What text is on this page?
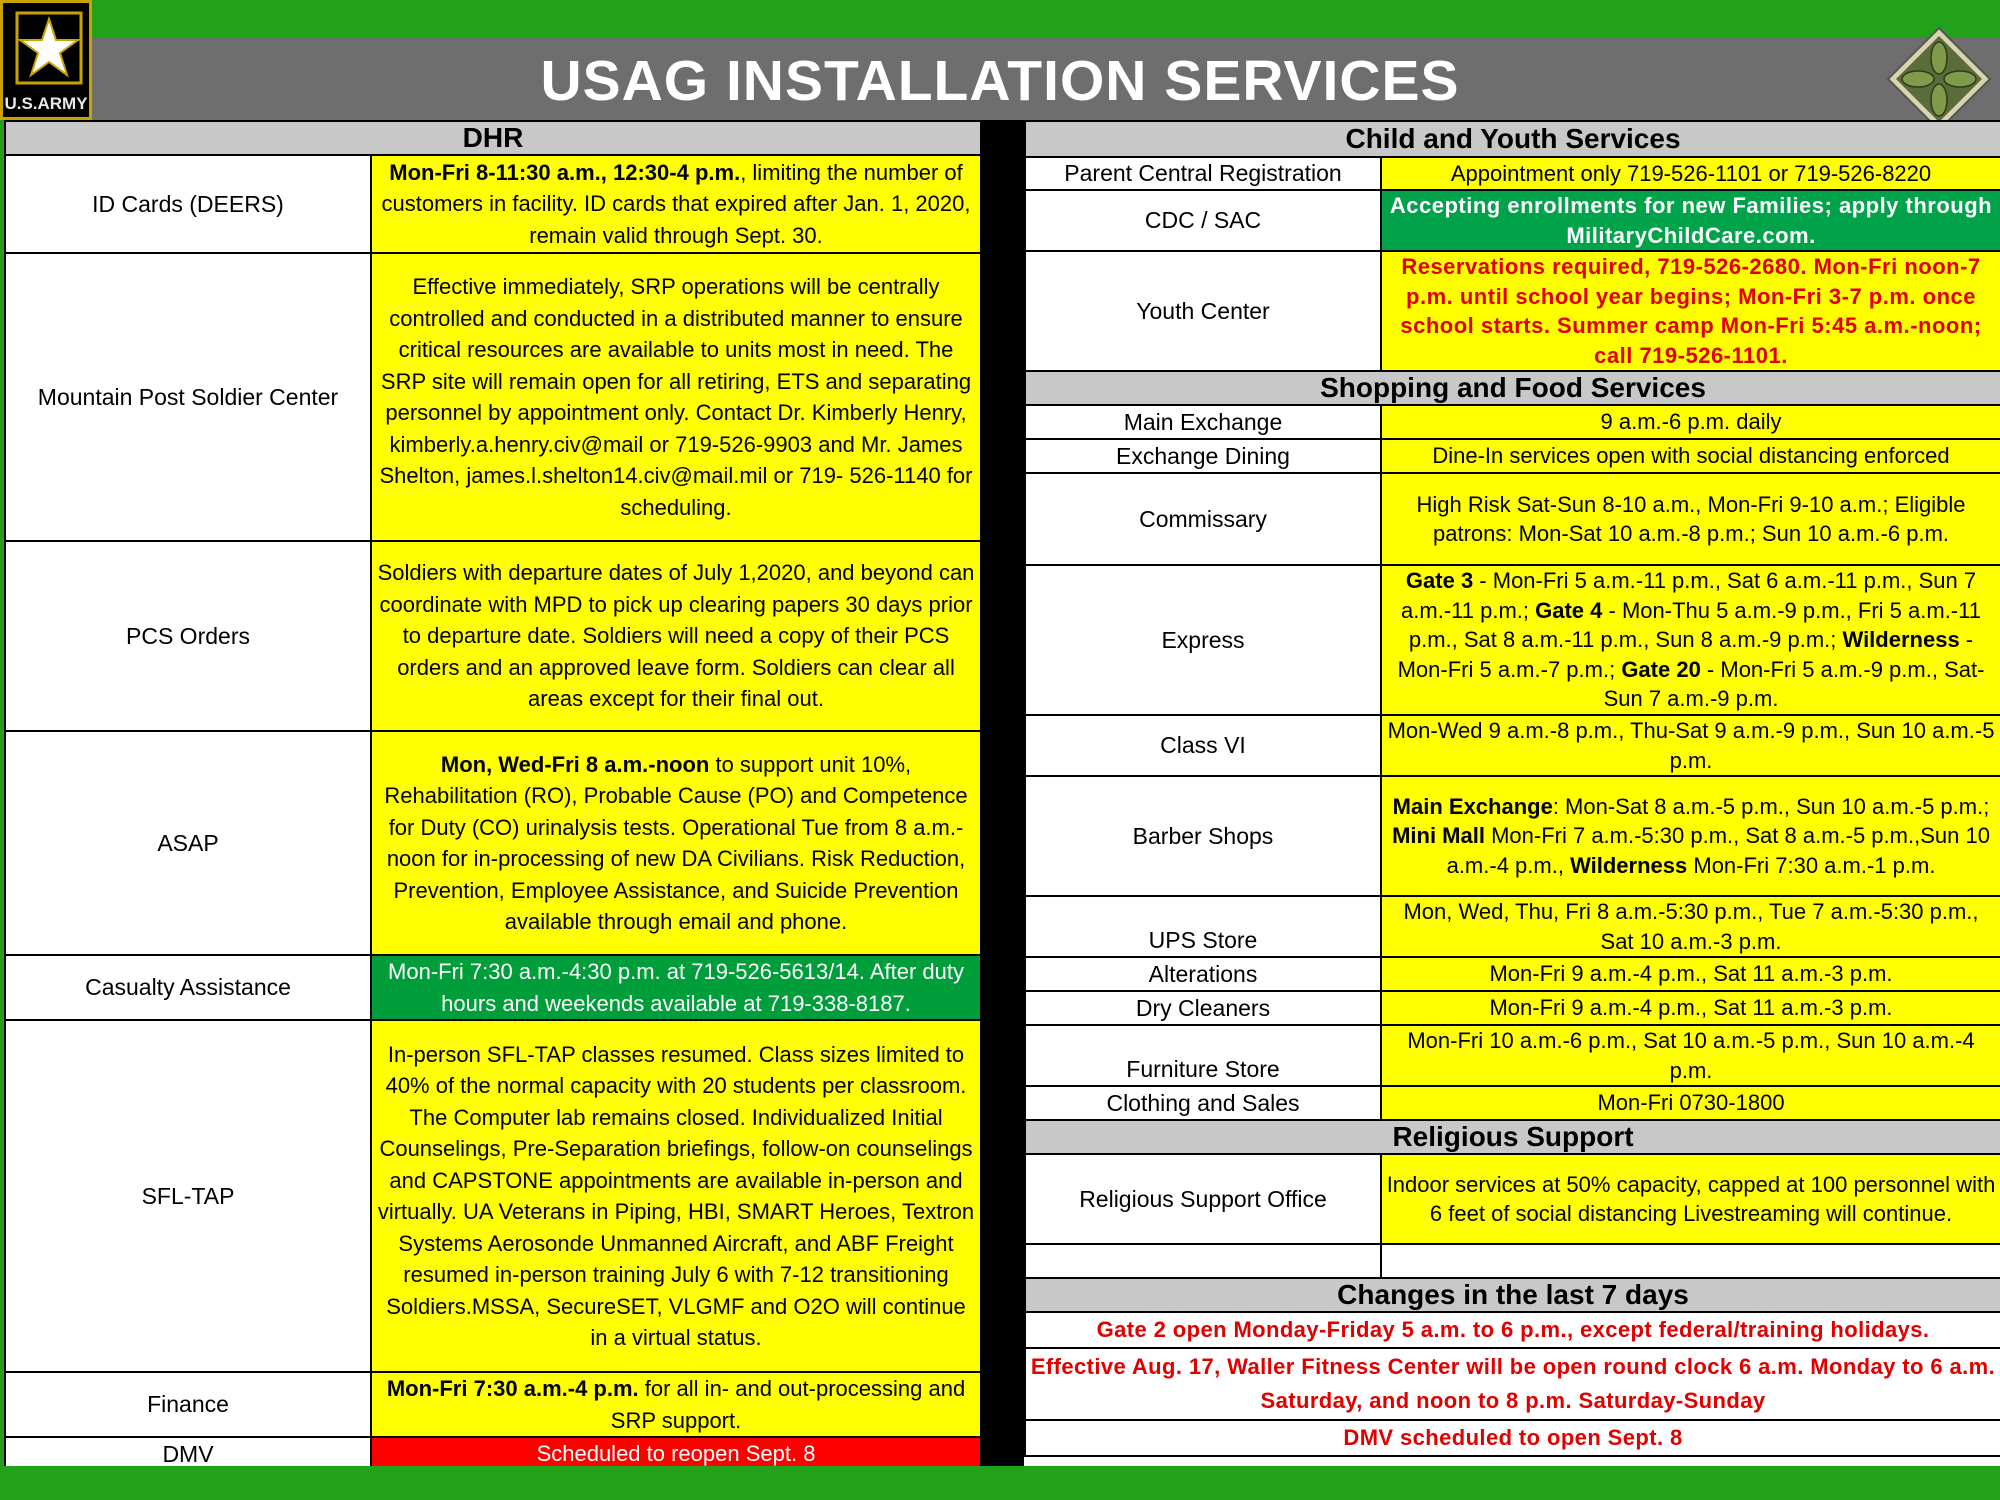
USAG INSTALLATION SERVICES
U.S.ARMY
DHR	
ID Cards (DEERS)	Mon-Fri 8-11:30 a.m., 12:30-4 p.m., limiting the number of customers in facility. ID cards that expired after Jan. 1, 2020, remain valid through Sept. 30.
Mountain Post Soldier Center	Effective immediately, SRP operations will be centrally controlled and conducted in a distributed manner to ensure critical resources are available to units most in need. The SRP site will remain open for all retiring, ETS and separating personnel by appointment only. Contact Dr. Kimberly Henry, kimberly.a.henry.civ@mail or 719-526-9903 and Mr. James Shelton, james.l.shelton14.civ@mail.mil or 719- 526-1140 for scheduling.
PCS Orders	Soldiers with departure dates of July 1,2020, and beyond can coordinate with MPD to pick up clearing papers 30 days prior to departure date. Soldiers will need a copy of their PCS orders and an approved leave form. Soldiers can clear all areas except for their final out.
ASAP	Mon, Wed-Fri 8 a.m.-noon to support unit 10%, Rehabilitation (RO), Probable Cause (PO) and Competence for Duty (CO) urinalysis tests. Operational Tue from 8 a.m.-noon for in-processing of new DA Civilians. Risk Reduction, Prevention, Employee Assistance, and Suicide Prevention available through email and phone.
Casualty Assistance	Mon-Fri 7:30 a.m.-4:30 p.m. at 719-526-5613/14. After duty hours and weekends available at 719-338-8187.
SFL-TAP	In-person SFL-TAP classes resumed. Class sizes limited to 40% of the normal capacity with 20 students per classroom. The Computer lab remains closed. Individualized Initial Counselings, Pre-Separation briefings, follow-on counselings and CAPSTONE appointments are available in-person and virtually. UA Veterans in Piping, HBI, SMART Heroes, Textron Systems Aerosonde Unmanned Aircraft, and ABF Freight resumed in-person training July 6 with 7-12 transitioning Soldiers.MSSA, SecureSET, VLGMF and O2O will continue in a virtual status.
Finance	Mon-Fri 7:30 a.m.-4 p.m. for all in- and out-processing and SRP support.
DMV	Scheduled to reopen Sept. 8
Child and Youth Services	
Parent Central Registration	Appointment only 719-526-1101 or 719-526-8220
CDC / SAC	Accepting enrollments for new Families; apply through MilitaryChildCare.com.
Youth Center	Reservations required, 719-526-2680. Mon-Fri noon-7 p.m. until school year begins; Mon-Fri 3-7 p.m. once school starts. Summer camp Mon-Fri 5:45 a.m.-noon; call 719-526-1101.
Shopping and Food Services	
Main Exchange	9 a.m.-6 p.m. daily
Exchange Dining	Dine-In services open with social distancing enforced
Commissary	High Risk Sat-Sun 8-10 a.m., Mon-Fri 9-10 a.m.; Eligible patrons: Mon-Sat 10 a.m.-8 p.m.; Sun 10 a.m.-6 p.m.
Express	Gate 3 - Mon-Fri 5 a.m.-11 p.m., Sat 6 a.m.-11 p.m., Sun 7 a.m.-11 p.m.; Gate 4 - Mon-Thu 5 a.m.-9 p.m., Fri 5 a.m.-11 p.m., Sat 8 a.m.-11 p.m., Sun 8 a.m.-9 p.m.; Wilderness - Mon-Fri 5 a.m.-7 p.m.; Gate 20 - Mon-Fri 5 a.m.-9 p.m., Sat-Sun 7 a.m.-9 p.m.
Class VI	Mon-Wed 9 a.m.-8 p.m., Thu-Sat 9 a.m.-9 p.m., Sun 10 a.m.-5 p.m.
Barber Shops	Main Exchange: Mon-Sat 8 a.m.-5 p.m., Sun 10 a.m.-5 p.m.; Mini Mall Mon-Fri 7 a.m.-5:30 p.m., Sat 8 a.m.-5 p.m.,Sun 10 a.m.-4 p.m., Wilderness Mon-Fri 7:30 a.m.-1 p.m.
UPS Store	Mon, Wed, Thu, Fri 8 a.m.-5:30 p.m., Tue 7 a.m.-5:30 p.m., Sat 10 a.m.-3 p.m.
Alterations	Mon-Fri 9 a.m.-4 p.m., Sat 11 a.m.-3 p.m.
Dry Cleaners	Mon-Fri 9 a.m.-4 p.m., Sat 11 a.m.-3 p.m.
Furniture Store	Mon-Fri 10 a.m.-6 p.m., Sat 10 a.m.-5 p.m., Sun 10 a.m.-4 p.m.
Clothing and Sales	Mon-Fri 0730-1800
Religious Support	
Religious Support Office	Indoor services at 50% capacity, capped at 100 personnel with 6 feet of social distancing Livestreaming will continue.

Changes in the last 7 days	
Gate 2 open Monday-Friday 5 a.m. to 6 p.m., except federal/training holidays.	
Effective Aug. 17, Waller Fitness Center will be open round clock 6 a.m. Monday to 6 a.m. Saturday, and noon to 8 p.m. Saturday-Sunday	
DMV scheduled to open Sept. 8	
